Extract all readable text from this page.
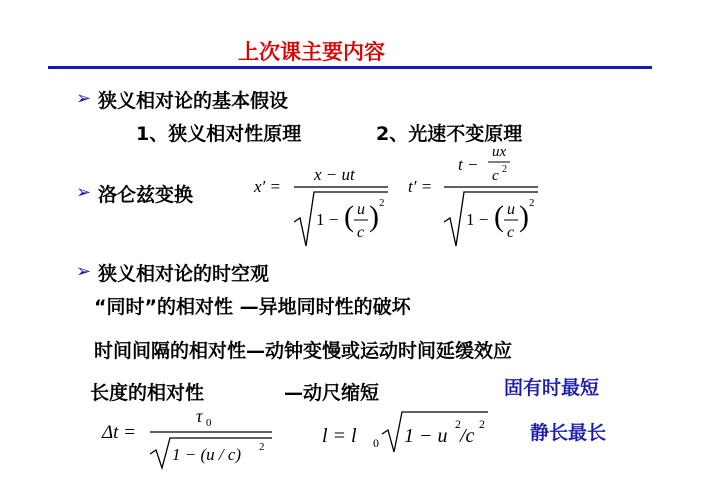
上次课主要内容
➢ 狭义相对论的基本假设
1、狭义相对性原理	2、光速不变原理
➢ 洛仑兹变换	x′ =
x − ut
1 − ( u
c ) 2
t′ =
t −
ux
c 2
1 − ( u
c ) 2
➢ 狭义相对论的时空观
“同时”的相对性 —异地同时性的破坏
时间间隔的相对性—动钟变慢或运动时间延缓效应
长度的相对性	—动尺缩短	固有时最短
静长最长
Δt =
τ 0
1 − (u / c) 2	l = l 0 1 − u
2
/c
2
